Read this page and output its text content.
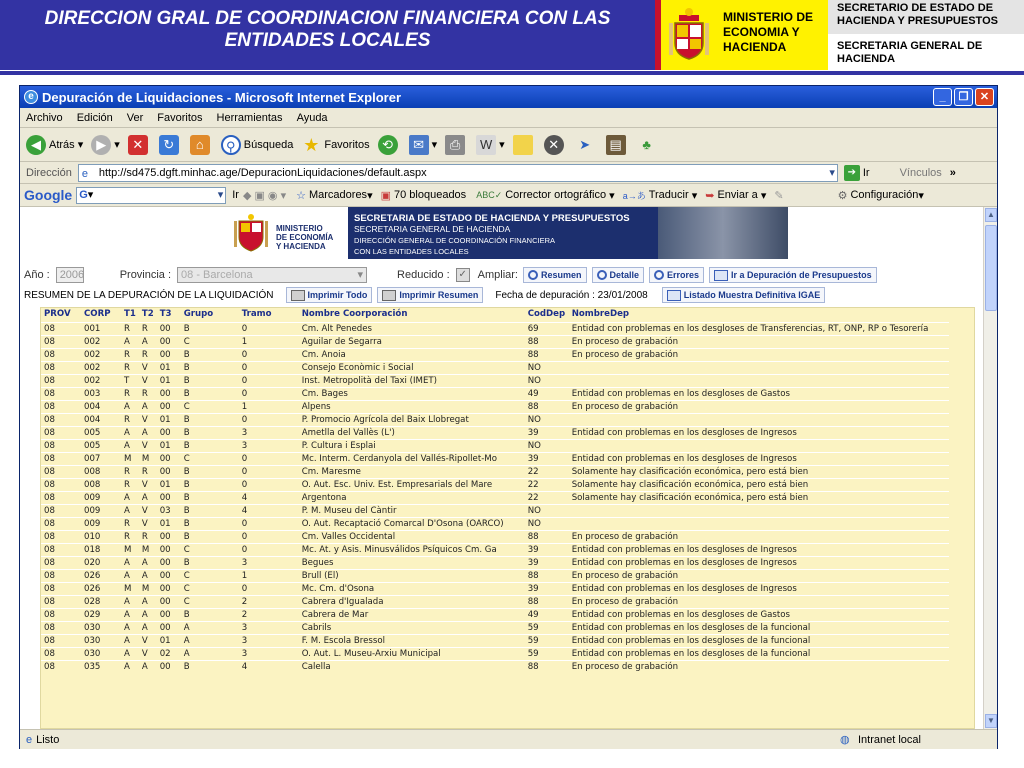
DIRECCION GRAL DE COORDINACION FINANCIERA CON LAS ENTIDADES LOCALES
MINISTERIO DE ECONOMIA Y HACIENDA
SECRETARIO DE ESTADO DE HACIENDA Y PRESUPUESTOS
SECRETARIA GENERAL DE HACIENDA
e Depuración de Liquidaciones - Microsoft Internet Explorer	_	❐	✕
Archivo Edición Ver Favoritos Herramientas Ayuda
◀ Atrás ▾	▶ ▾ ✕	↻	⌂	⚲ Búsqueda ★ Favoritos ⟲	✉ ▾ ⎙	W ▾	✕	➤	▤	♣
Dirección e http://sd475.dgft.minhac.age/DepuracionLiquidaciones/default.aspx	▾	➔ Ir	Vínculos »
Google G▾	▾ Ir ◆ ▣ ◉ ▾ ☆ Marcadores ▾ ▣ 70 bloqueados ABC✓ Corrector ortográfico ▾ a→あ Traducir ▾ ➥ Enviar a ▾ ✎	⚙ Configuración ▾
MINISTERIO
DE ECONOMÍA
Y HACIENDA
SECRETARIA DE ESTADO DE HACIENDA Y PRESUPUESTOS
SECRETARIA GENERAL DE HACIENDA
DIRECCIÓN GENERAL DE COORDINACIÓN FINANCIERA
CON LAS ENTIDADES LOCALES
Año : 2006	Provincia : 08 - Barcelona	▾	Reducido : ✓ Ampliar:	Resumen	Detalle	Errores	Ir a Depuración de Presupuestos
RESUMEN DE LA DEPURACIÓN DE LA LIQUIDACIÓN	Imprimir Todo	Imprimir Resumen Fecha de depuración : 23/01/2008	Listado Muestra Definitiva IGAE
PROV	CORP	T1	T2	T3	Grupo	Tramo	Nombre Coorporación	CodDep	NombreDep
08	001	R	R	00	B	0	Cm. Alt Penedes	69	Entidad con problemas en los desgloses de Transferencias, RT, ONP, RP o Tesorería
08	002	A	A	00	C	1	Aguilar de Segarra	88	En proceso de grabación
08	002	R	R	00	B	0	Cm. Anoia	88	En proceso de grabación
08	002	R	V	01	B	0	Consejo Econòmic i Social	NO	
08	002	T	V	01	B	0	Inst. Metropolità del Taxi (IMET)	NO	
08	003	R	R	00	B	0	Cm. Bages	49	Entidad con problemas en los desgloses de Gastos
08	004	A	A	00	C	1	Alpens	88	En proceso de grabación
08	004	R	V	01	B	0	P. Promocio Agrícola del Baix Llobregat	NO	
08	005	A	A	00	B	3	Ametlla del Vallès (L')	39	Entidad con problemas en los desgloses de Ingresos
08	005	A	V	01	B	3	P. Cultura i Esplai	NO	
08	007	M	M	00	C	0	Mc. Interm. Cerdanyola del Vallés-Ripollet-Mo	39	Entidad con problemas en los desgloses de Ingresos
08	008	R	R	00	B	0	Cm. Maresme	22	Solamente hay clasificación económica, pero está bien
08	008	R	V	01	B	0	O. Aut. Esc. Univ. Est. Empresarials del Mare	22	Solamente hay clasificación económica, pero está bien
08	009	A	A	00	B	4	Argentona	22	Solamente hay clasificación económica, pero está bien
08	009	A	V	03	B	4	P. M. Museu del Càntir	NO	
08	009	R	V	01	B	0	O. Aut. Recaptació Comarcal D'Osona (OARCO)	NO	
08	010	R	R	00	B	0	Cm. Valles Occidental	88	En proceso de grabación
08	018	M	M	00	C	0	Mc. At. y Asis. Minusválidos Psíquicos Cm. Ga	39	Entidad con problemas en los desgloses de Ingresos
08	020	A	A	00	B	3	Begues	39	Entidad con problemas en los desgloses de Ingresos
08	026	A	A	00	C	1	Brull (El)	88	En proceso de grabación
08	026	M	M	00	C	0	Mc. Cm. d'Osona	39	Entidad con problemas en los desgloses de Ingresos
08	028	A	A	00	C	2	Cabrera d'Igualada	88	En proceso de grabación
08	029	A	A	00	B	2	Cabrera de Mar	49	Entidad con problemas en los desgloses de Gastos
08	030	A	A	00	A	3	Cabrils	59	Entidad con problemas en los desgloses de la funcional
08	030	A	V	01	A	3	F. M. Escola Bressol	59	Entidad con problemas en los desgloses de la funcional
08	030	A	V	02	A	3	O. Aut. L. Museu-Arxiu Municipal	59	Entidad con problemas en los desgloses de la funcional
08	035	A	A	00	B	4	Calella	88	En proceso de grabación
▲
▼
e Listo	◍ Intranet local
